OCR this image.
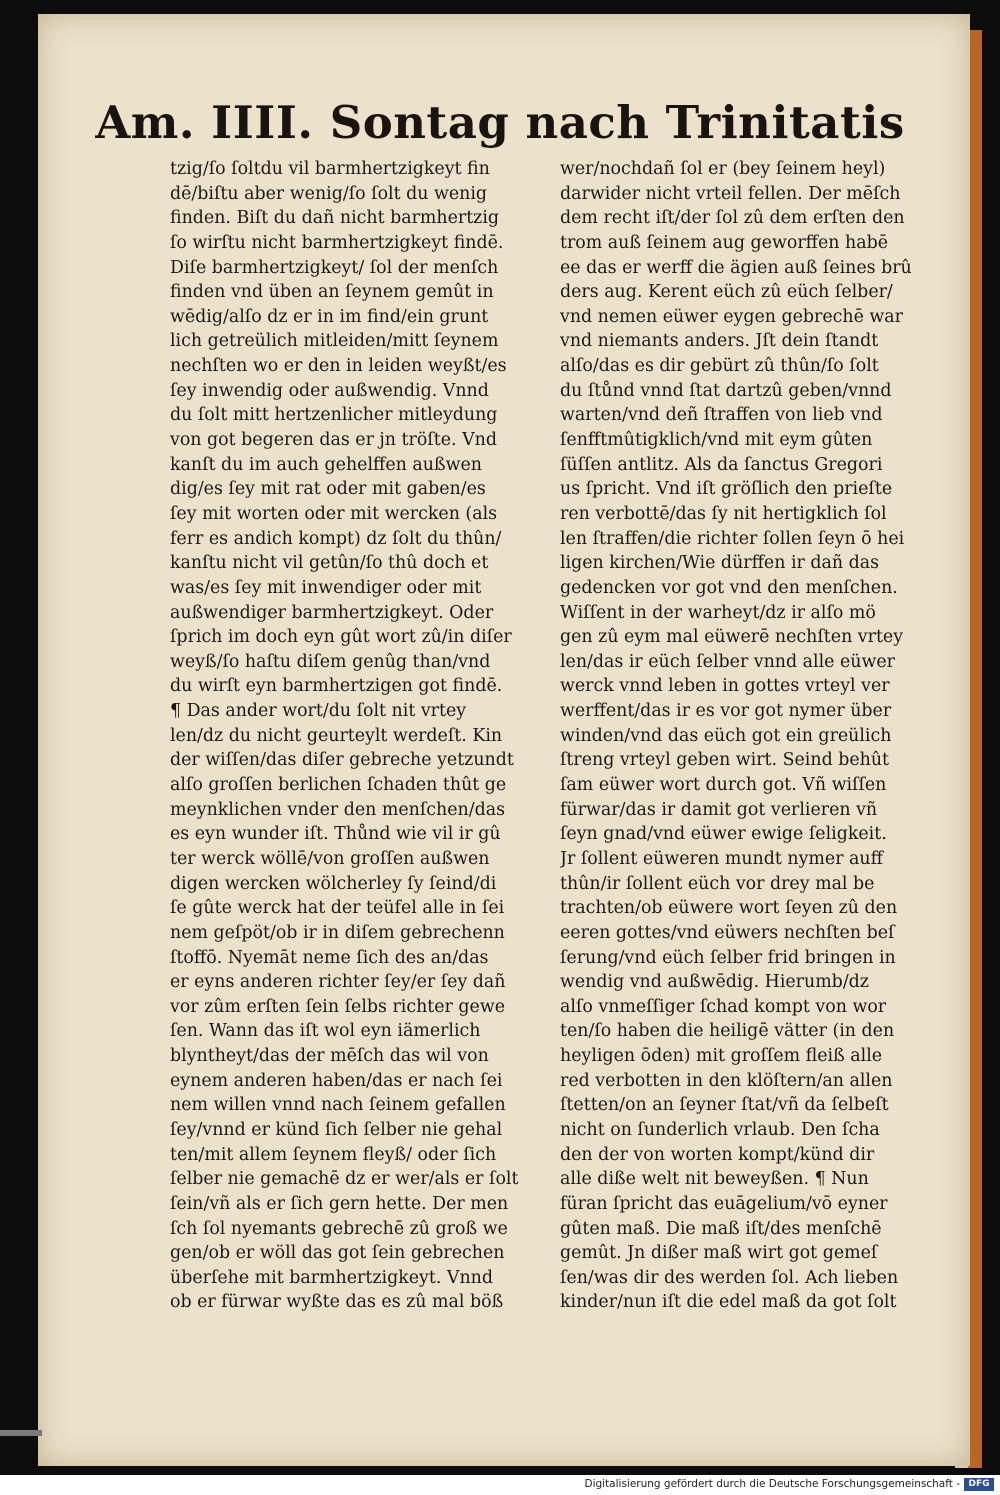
Am. IIII. Sontag nach Trinitatis
tzig/ſo ſoltdu vil barmhertzigkeyt fin
dē/biſtu aber wenig/ſo ſolt du wenig
finden. Biſt du dañ nicht barmhertzig
ſo wirſtu nicht barmhertzigkeyt findē.
Diſe barmhertzigkeyt/ ſol der menſch
finden vnd üben an ſeynem gemût in
wēdig/alſo dz er in im find/ein grunt
lich getreülich mitleiden/mitt ſeynem
nechſten wo er den in leiden weyßt/es
ſey inwendig oder außwendig. Vnnd
du ſolt mitt hertzenlicher mitleydung
von got begeren das er jn tröſte. Vnd
kanſt du im auch gehelffen außwen
dig/es ſey mit rat oder mit gaben/es
ſey mit worten oder mit wercken (als
ferr es andich kompt) dz ſolt du thûn/
kanſtu nicht vil getûn/ſo thû doch et
was/es ſey mit inwendiger oder mit
außwendiger barmhertzigkeyt. Oder
ſprich im doch eyn gût wort zû/in diſer
weyß/ſo haſtu diſem genûg than/vnd
du wirſt eyn barmhertzigen got findē.
¶ Das ander wort/du ſolt nit vrtey
len/dz du nicht geurteylt werdeſt. Kin
der wiſſen/das diſer gebreche yetzundt
alſo groſſen berlichen ſchaden thût ge
meynklichen vnder den menſchen/das
es eyn wunder iſt. Thůnd wie vil ir gû
ter werck wöllē/von groſſen außwen
digen wercken wölcherley ſy ſeind/di
ſe gûte werck hat der teüfel alle in ſei
nem geſpöt/ob ir in diſem gebrechenn
ſtoffō. Nyemāt neme ſich des an/das
er eyns anderen richter ſey/er ſey dañ
vor zûm erſten ſein ſelbs richter gewe
ſen. Wann das iſt wol eyn iämerlich
blyntheyt/das der mēſch das wil von
eynem anderen haben/das er nach ſei
nem willen vnnd nach ſeinem gefallen
ſey/vnnd er künd ſich ſelber nie gehal
ten/mit allem ſeynem fleyß/ oder ſich
ſelber nie gemachē dz er wer/als er ſolt
ſein/vñ als er ſich gern hette. Der men
ſch ſol nyemants gebrechē zû groß we
gen/ob er wöll das got ſein gebrechen
überſehe mit barmhertzigkeyt. Vnnd
ob er fürwar wyßte das es zû mal böß
wer/nochdañ ſol er (bey ſeinem heyl)
darwider nicht vrteil fellen. Der mēſch
dem recht iſt/der ſol zû dem erſten den
trom auß ſeinem aug geworffen habē
ee das er werff die ägien auß ſeines brû
ders aug. Kerent eüch zû eüch ſelber/
vnd nemen eüwer eygen gebrechē war
vnd niemants anders. Jſt dein ſtandt
alſo/das es dir gebürt zû thûn/ſo ſolt
du ſtůnd vnnd ſtat dartzû geben/vnnd
warten/vnd deñ ſtraffen von lieb vnd
ſenfftmûtigklich/vnd mit eym gûten
ſüſſen antlitz. Als da ſanctus Gregori
us ſpricht. Vnd iſt gröſlich den prieſte
ren verbottē/das ſy nit hertigklich ſol
len ſtraffen/die richter ſollen ſeyn ō hei
ligen kirchen/Wie dürffen ir dañ das
gedencken vor got vnd den menſchen.
Wiſſent in der warheyt/dz ir alſo mö
gen zû eym mal eüwerē nechſten vrtey
len/das ir eüch ſelber vnnd alle eüwer
werck vnnd leben in gottes vrteyl ver
werffent/das ir es vor got nymer über
winden/vnd das eüch got ein greülich
ſtreng vrteyl geben wirt. Seind behût
ſam eüwer wort durch got. Vñ wiſſen
fürwar/das ir damit got verlieren vñ
ſeyn gnad/vnd eüwer ewige ſeligkeit.
Jr ſollent eüweren mundt nymer auff
thûn/ir ſollent eüch vor drey mal be
trachten/ob eüwere wort ſeyen zû den
eeren gottes/vnd eüwers nechſten beſ
ſerung/vnd eüch ſelber frid bringen in
wendig vnd außwēdig. Hierumb/dz
alſo vnmeſſiger ſchad kompt von wor
ten/ſo haben die heiligē vätter (in den
heyligen ōden) mit groſſem fleiß alle
red verbotten in den klöſtern/an allen
ſtetten/on an ſeyner ſtat/vñ da ſelbeſt
nicht on ſunderlich vrlaub. Den ſcha
den der von worten kompt/künd dir
alle diße welt nit beweyßen. ¶ Nun
füran ſpricht das euāgelium/vō eyner
gûten maß. Die maß iſt/des menſchē
gemût. Jn dißer maß wirt got gemeſ
ſen/was dir des werden ſol. Ach lieben
kinder/nun iſt die edel maß da got ſolt
Digitalisierung gefördert durch die Deutsche Forschungsgemeinschaft - DFG
